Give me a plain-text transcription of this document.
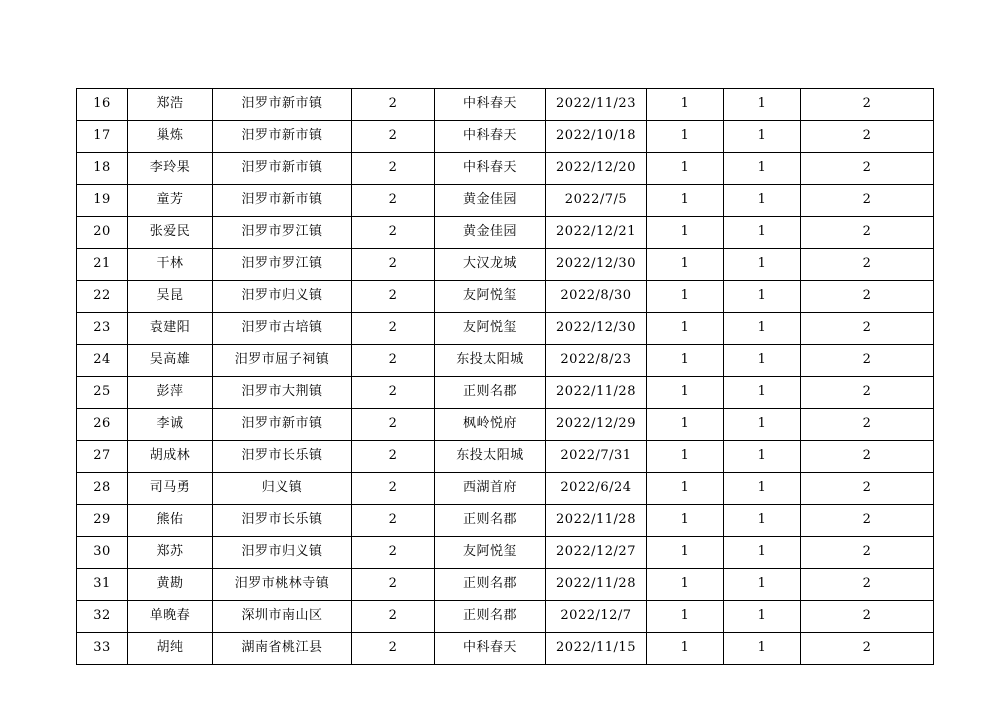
16	郑浩	汨罗市新市镇	2	中科春天	2022/11/23	1	1	2
17	巢炼	汨罗市新市镇	2	中科春天	2022/10/18	1	1	2
18	李玲果	汨罗市新市镇	2	中科春天	2022/12/20	1	1	2
19	童芳	汨罗市新市镇	2	黄金佳园	2022/7/5	1	1	2
20	张爱民	汨罗市罗江镇	2	黄金佳园	2022/12/21	1	1	2
21	干林	汨罗市罗江镇	2	大汉龙城	2022/12/30	1	1	2
22	吴昆	汨罗市归义镇	2	友阿悦玺	2022/8/30	1	1	2
23	袁建阳	汨罗市古培镇	2	友阿悦玺	2022/12/30	1	1	2
24	吴高雄	汨罗市屈子祠镇	2	东投太阳城	2022/8/23	1	1	2
25	彭萍	汨罗市大荆镇	2	正则名郡	2022/11/28	1	1	2
26	李诚	汨罗市新市镇	2	枫岭悦府	2022/12/29	1	1	2
27	胡成林	汨罗市长乐镇	2	东投太阳城	2022/7/31	1	1	2
28	司马勇	归义镇	2	西湖首府	2022/6/24	1	1	2
29	熊佑	汨罗市长乐镇	2	正则名郡	2022/11/28	1	1	2
30	郑苏	汨罗市归义镇	2	友阿悦玺	2022/12/27	1	1	2
31	黄勘	汨罗市桃林寺镇	2	正则名郡	2022/11/28	1	1	2
32	单晚春	深圳市南山区	2	正则名郡	2022/12/7	1	1	2
33	胡纯	湖南省桃江县	2	中科春天	2022/11/15	1	1	2
